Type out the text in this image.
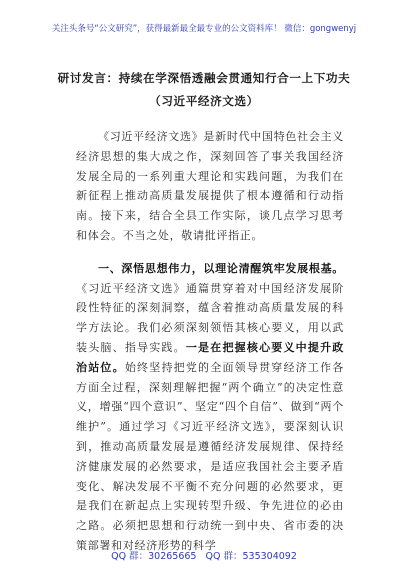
关注头条号“公文研究”，获得最新最全最专业的公文资料库！ 微信：gongwenyj
研讨发言：持续在学深悟透融会贯通知行合一上下功夫
（习近平经济文选）

《习近平经济文选》是新时代中国特色社会主义经济思想的集大成之作，深刻回答了事关我国经济发展全局的一系列重大理论和实践问题，为我们在新征程上推动高质量发展提供了根本遵循和行动指南。接下来，结合全县工作实际，谈几点学习思考和体会。不当之处，敬请批评指正。

一、深悟思想伟力，以理论清醒筑牢发展根基。《习近平经济文选》通篇贯穿着对中国经济发展阶段性特征的深刻洞察，蕴含着推动高质量发展的科学方法论。我们必须深刻领悟其核心要义，用以武装头脑、指导实践。一是在把握核心要义中提升政治站位。始终坚持把党的全面领导贯穿经济工作各方面全过程，深刻理解把握“两个确立”的决定性意义，增强“四个意识”、坚定“四个自信”、做到“两个维护”。通过学习《习近平经济文选》，要深刻认识到，推动高质量发展是遵循经济发展规律、保持经济健康发展的必然要求，是适应我国社会主要矛盾变化、解决发展不平衡不充分问题的必然要求，更是我们在新起点上实现转型升级、争先进位的必由之路。必须把思想和行动统一到中央、省市委的决策部署和对经济形势的科学

QQ 群：30265665 QQ 群：535304092
